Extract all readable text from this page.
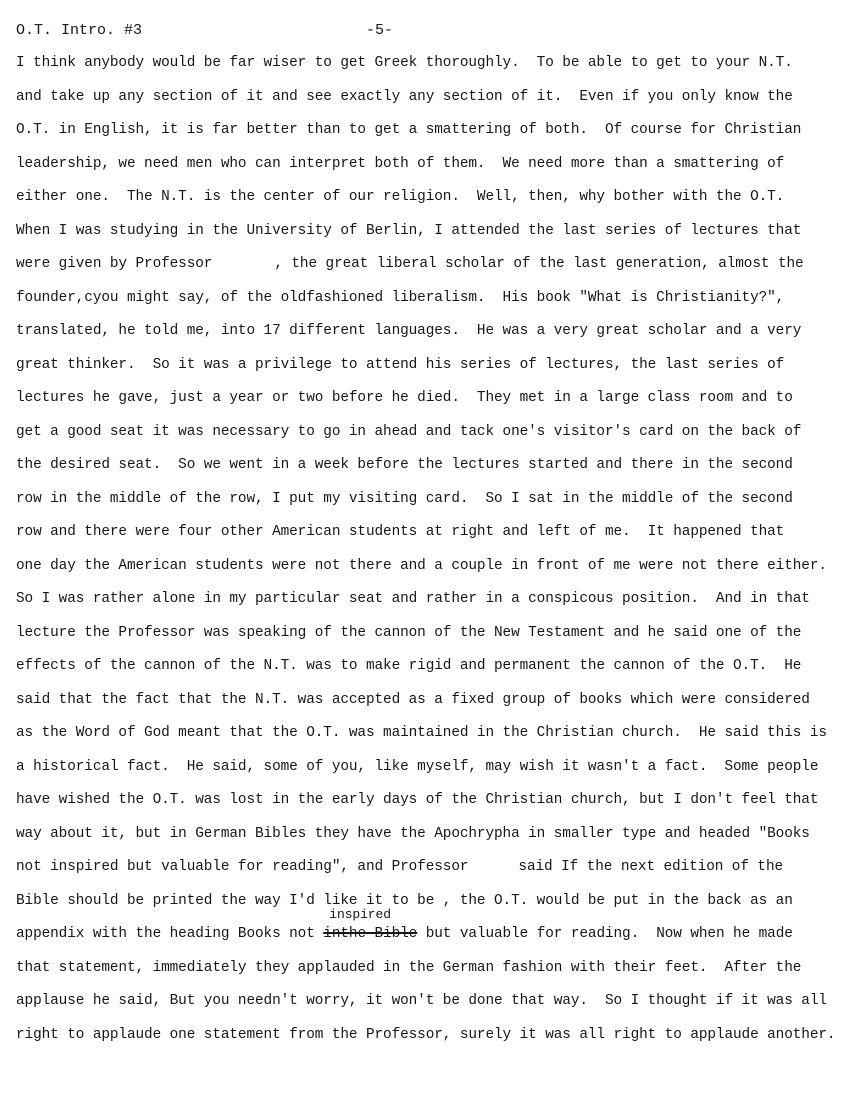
O.T. Intro. #3	-5-
I think anybody would be far wiser to get Greek thoroughly.  To be able to get to your N.T.
and take up any section of it and see exactly any section of it.  Even if you only know the
O.T. in English, it is far better than to get a smattering of both.  Of course for Christian
leadership, we need men who can interpret both of them.  We need more than a smattering of
either one.  The N.T. is the center of our religion.  Well, then, why bother with the O.T.
When I was studying in the University of Berlin, I attended the last series of lectures that
were given by Professor	, the great liberal scholar of the last generation, almost the
founder,cyou might say, of the oldfashioned liberalism.  His book "What is Christianity?",
translated, he told me, into 17 different languages.  He was a very great scholar and a very
great thinker.  So it was a privilege to attend his series of lectures, the last series of
lectures he gave, just a year or two before he died.  They met in a large class room and to
get a good seat it was necessary to go in ahead and tack one's visitor's card on the back of
the desired seat.  So we went in a week before the lectures started and there in the second
row in the middle of the row, I put my visiting card.  So I sat in the middle of the second
row and there were four other American students at right and left of me.  It happened that
one day the American students were not there and a couple in front of me were not there either.
So I was rather alone in my particular seat and rather in a conspicous position.  And in that
lecture the Professor was speaking of the cannon of the New Testament and he said one of the
effects of the cannon of the N.T. was to make rigid and permanent the cannon of the O.T.  He
said that the fact that the N.T. was accepted as a fixed group of books which were considered
as the Word of God meant that the O.T. was maintained in the Christian church.  He said this is
a historical fact.  He said, some of you, like myself, may wish it wasn't a fact.  Some people
have wished the O.T. was lost in the early days of the Christian church, but I don't feel that
way about it, but in German Bibles they have the Apochrypha in smaller type and headed "Books
not inspired but valuable for reading", and Professor	said If the next edition of the
Bible should be printed the way I'd like it to be , the O.T. would be put in the back as an
appendix with the heading Books not inthe Bible
inspired
but valuable for reading.  Now when he made
that statement, immediately they applauded in the German fashion with their feet.  After the
applause he said, But you needn't worry, it won't be done that way.  So I thought if it was all
right to applaude one statement from the Professor, surely it was all right to applaude another.
